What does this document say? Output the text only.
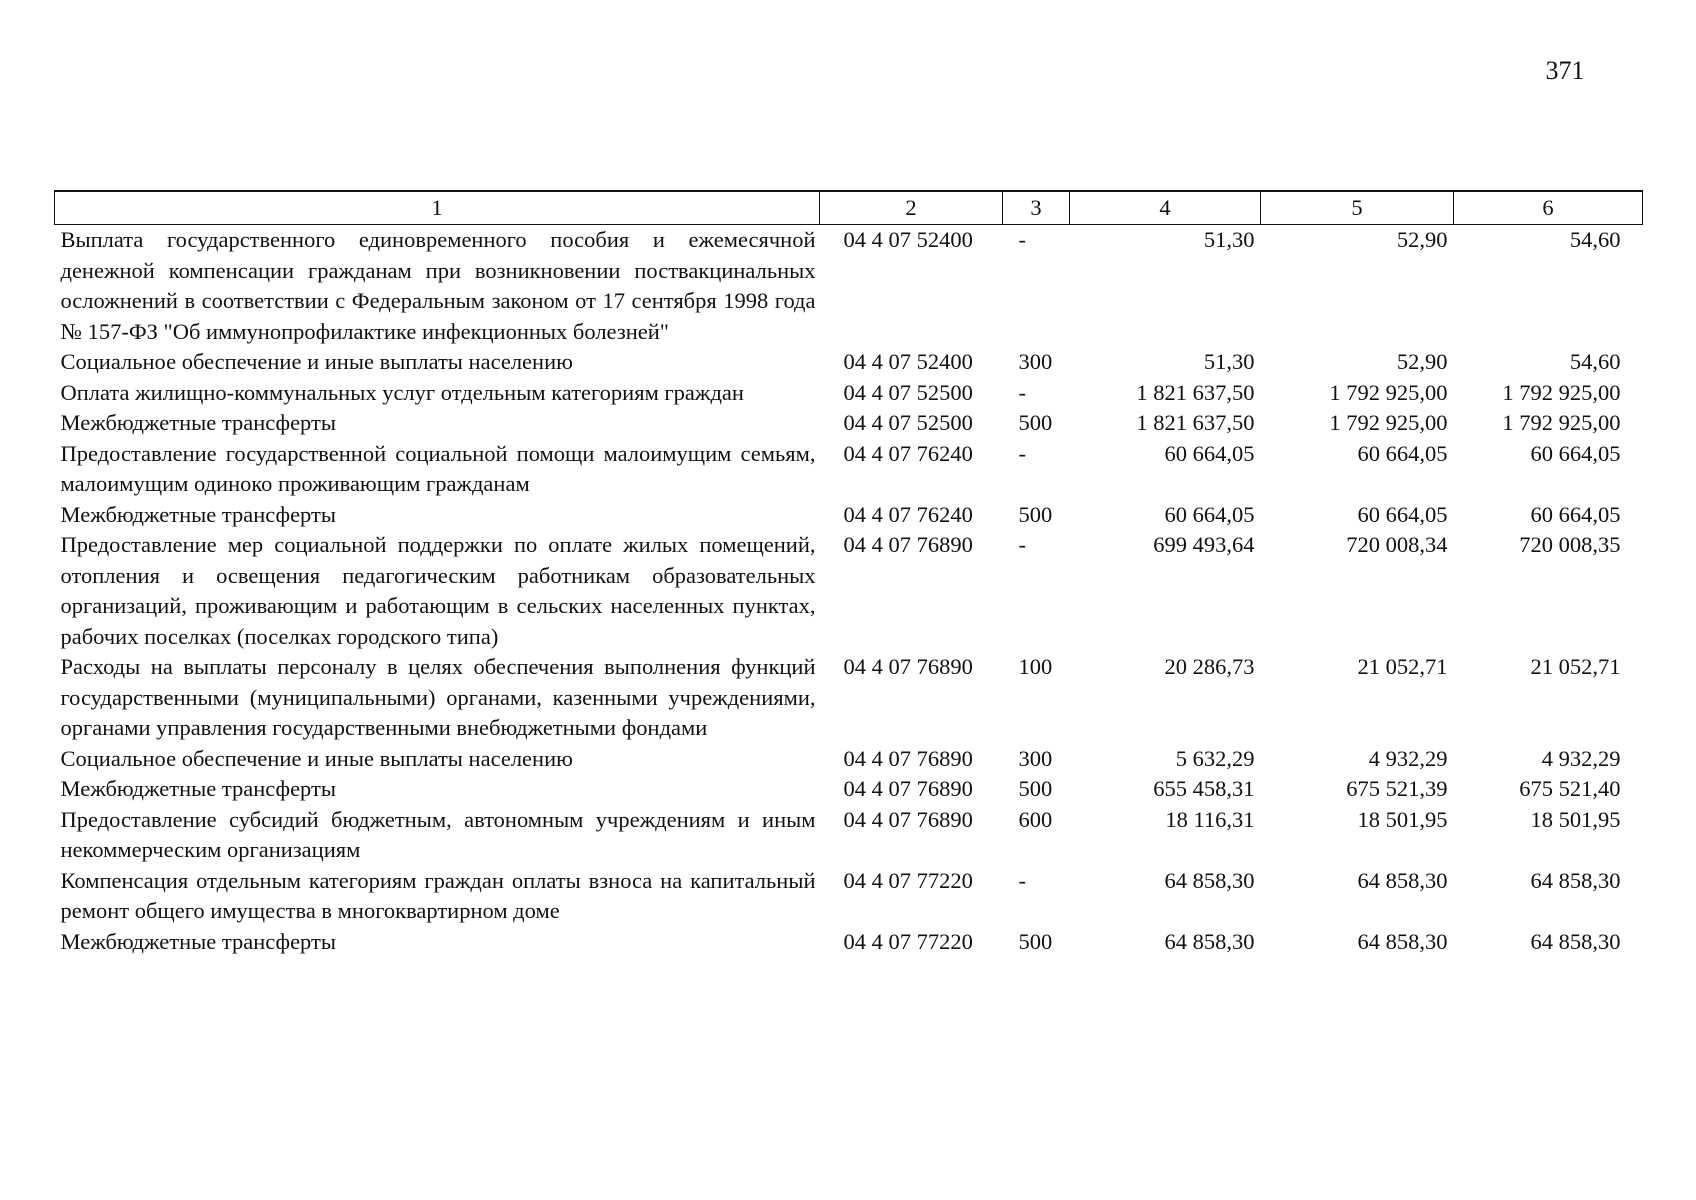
371
1	2	3	4	5	6
Выплата государственного единовременного пособия и ежемесячной денежной компенсации гражданам при возникновении поствакцинальных осложнений в соответствии с Федеральным законом от 17 сентября 1998 года № 157-ФЗ "Об иммунопрофилактике инфекционных болезней"	04 4 07 52400	-	51,30	52,90	54,60
Социальное обеспечение и иные выплаты населению	04 4 07 52400	300	51,30	52,90	54,60
Оплата жилищно-коммунальных услуг отдельным категориям граждан	04 4 07 52500	-	1 821 637,50	1 792 925,00	1 792 925,00
Межбюджетные трансферты	04 4 07 52500	500	1 821 637,50	1 792 925,00	1 792 925,00
Предоставление государственной социальной помощи малоимущим семьям, малоимущим одиноко проживающим гражданам	04 4 07 76240	-	60 664,05	60 664,05	60 664,05
Межбюджетные трансферты	04 4 07 76240	500	60 664,05	60 664,05	60 664,05
Предоставление мер социальной поддержки по оплате жилых помещений, отопления и освещения педагогическим работникам образовательных организаций, проживающим и работающим в сельских населенных пунктах, рабочих поселках (поселках городского типа)	04 4 07 76890	-	699 493,64	720 008,34	720 008,35
Расходы на выплаты персоналу в целях обеспечения выполнения функций государственными (муниципальными) органами, казенными учреждениями, органами управления государственными внебюджетными фондами	04 4 07 76890	100	20 286,73	21 052,71	21 052,71
Социальное обеспечение и иные выплаты населению	04 4 07 76890	300	5 632,29	4 932,29	4 932,29
Межбюджетные трансферты	04 4 07 76890	500	655 458,31	675 521,39	675 521,40
Предоставление субсидий бюджетным, автономным учреждениям и иным некоммерческим организациям	04 4 07 76890	600	18 116,31	18 501,95	18 501,95
Компенсация отдельным категориям граждан оплаты взноса на капитальный ремонт общего имущества в многоквартирном доме	04 4 07 77220	-	64 858,30	64 858,30	64 858,30
Межбюджетные трансферты	04 4 07 77220	500	64 858,30	64 858,30	64 858,30
